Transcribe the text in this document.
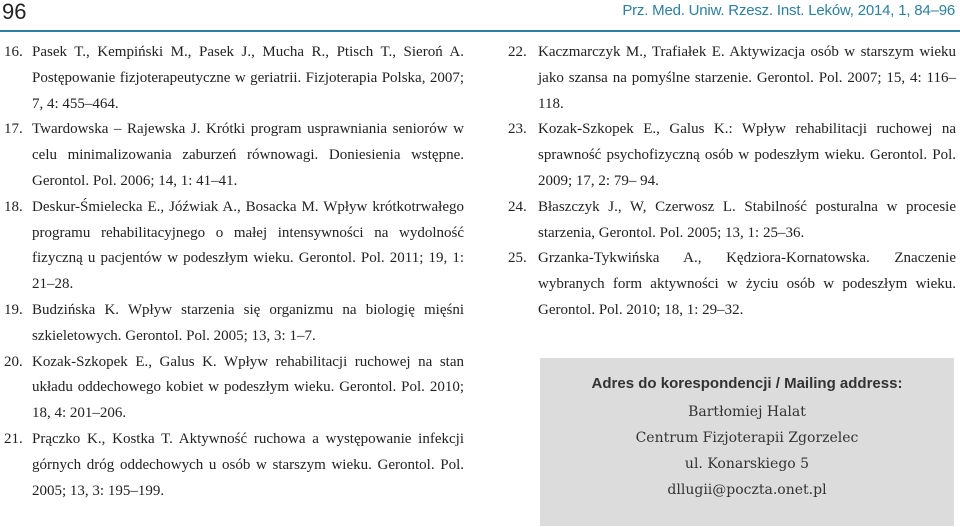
96	Prz. Med. Uniw. Rzesz. Inst. Leków, 2014, 1, 84–96
16. Pasek T., Kempiński M., Pasek J., Mucha R., Ptisch T., Sieroń A. Postępowanie fizjoterapeutyczne w geriatrii. Fizjoterapia Polska, 2007; 7, 4: 455–464.
17. Twardowska – Rajewska J. Krótki program usprawniania seniorów w celu minimalizowania zaburzeń równowagi. Doniesienia wstępne. Gerontol. Pol. 2006; 14, 1: 41–41.
18. Deskur-Śmielecka E., Jóźwiak A., Bosacka M. Wpływ krótkotrwałego programu rehabilitacyjnego o małej intensywności na wydolność fizyczną u pacjentów w podeszłym wieku. Gerontol. Pol. 2011; 19, 1: 21–28.
19. Budzińska K. Wpływ starzenia się organizmu na biologię mięśni szkieletowych. Gerontol. Pol. 2005; 13, 3: 1–7.
20. Kozak-Szkopek E., Galus K. Wpływ rehabilitacji ruchowej na stan układu oddechowego kobiet w podeszłym wieku. Gerontol. Pol. 2010; 18, 4: 201–206.
21. Prączko K., Kostka T. Aktywność ruchowa a występowanie infekcji górnych dróg oddechowych u osób w starszym wieku. Gerontol. Pol. 2005; 13, 3: 195–199.
22. Kaczmarczyk M., Trafiałek E. Aktywizacja osób w starszym wieku jako szansa na pomyślne starzenie. Gerontol. Pol. 2007; 15, 4: 116–118.
23. Kozak-Szkopek E., Galus K.: Wpływ rehabilitacji ruchowej na sprawność psychofizyczną osób w podeszłym wieku. Gerontol. Pol. 2009; 17, 2: 79– 94.
24. Błaszczyk J., W, Czerwosz L. Stabilność posturalna w procesie starzenia, Gerontol. Pol. 2005; 13, 1: 25–36.
25. Grzanka-Tykwińska A., Kędziora-Kornatowska. Znaczenie wybranych form aktywności w życiu osób w podeszłym wieku. Gerontol. Pol. 2010; 18, 1: 29–32.
Adres do korespondencji / Mailing address:
Bartłomiej Halat
Centrum Fizjoterapii Zgorzelec
ul. Konarskiego 5
dllugii@poczta.onet.pl
